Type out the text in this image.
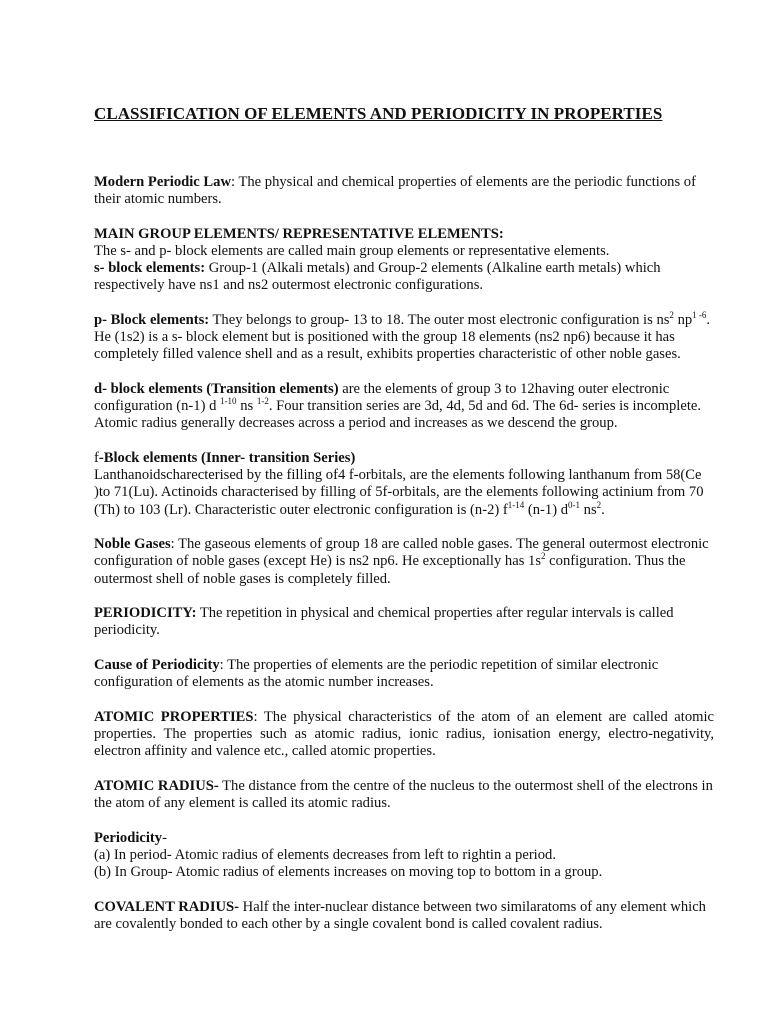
CLASSIFICATION OF ELEMENTS AND PERIODICITY IN PROPERTIES

Modern Periodic Law: The physical and chemical properties of elements are the periodic functions of their atomic numbers.

MAIN GROUP ELEMENTS/ REPRESENTATIVE ELEMENTS:
The s- and p- block elements are called main group elements or representative elements.
s- block elements: Group-1 (Alkali metals) and Group-2 elements (Alkaline earth metals) which respectively have ns1 and ns2 outermost electronic configurations.

p- Block elements: They belongs to group- 13 to 18. The outer most electronic configuration is $ns^2$ $np^{1 -6}$. He (1s2) is a s- block element but is positioned with the group 18 elements (ns2 np6) because it has completely filled valence shell and as a result, exhibits properties characteristic of other noble gases.

d- block elements (Transition elements) are the elements of group 3 to 12having outer electronic configuration (n-1) d $^{1-10}$ ns $^{1-2}$. Four transition series are 3d, 4d, 5d and 6d. The 6d- series is incomplete. Atomic radius generally decreases across a period and increases as we descend the group.

f-Block elements (Inner- transition Series)
Lanthanoidscharecterised by the filling of4 f-orbitals, are the elements following lanthanum from 58(Ce )to 71(Lu). Actinoids characterised by filling of 5f-orbitals, are the elements following actinium from 70 (Th) to 103 (Lr). Characteristic outer electronic configuration is (n-2) $f^{1-14}$ (n-1) $d^{0-1}$ $ns^2$.

Noble Gases: The gaseous elements of group 18 are called noble gases. The general outermost electronic configuration of noble gases (except He) is ns2 np6. He exceptionally has $1s^2$ configuration. Thus the outermost shell of noble gases is completely filled.

PERIODICITY: The repetition in physical and chemical properties after regular intervals is called periodicity.

Cause of Periodicity: The properties of elements are the periodic repetition of similar electronic configuration of elements as the atomic number increases.

ATOMIC PROPERTIES: The physical characteristics of the atom of an element are called atomic properties. The properties such as atomic radius, ionic radius, ionisation energy, electro-negativity, electron affinity and valence etc., called atomic properties.

ATOMIC RADIUS- The distance from the centre of the nucleus to the outermost shell of the electrons in the atom of any element is called its atomic radius.

Periodicity-
(a) In period- Atomic radius of elements decreases from left to rightin a period.
(b) In Group- Atomic radius of elements increases on moving top to bottom in a group.

COVALENT RADIUS- Half the inter-nuclear distance between two similaratoms of any element which are covalently bonded to each other by a single covalent bond is called covalent radius.
